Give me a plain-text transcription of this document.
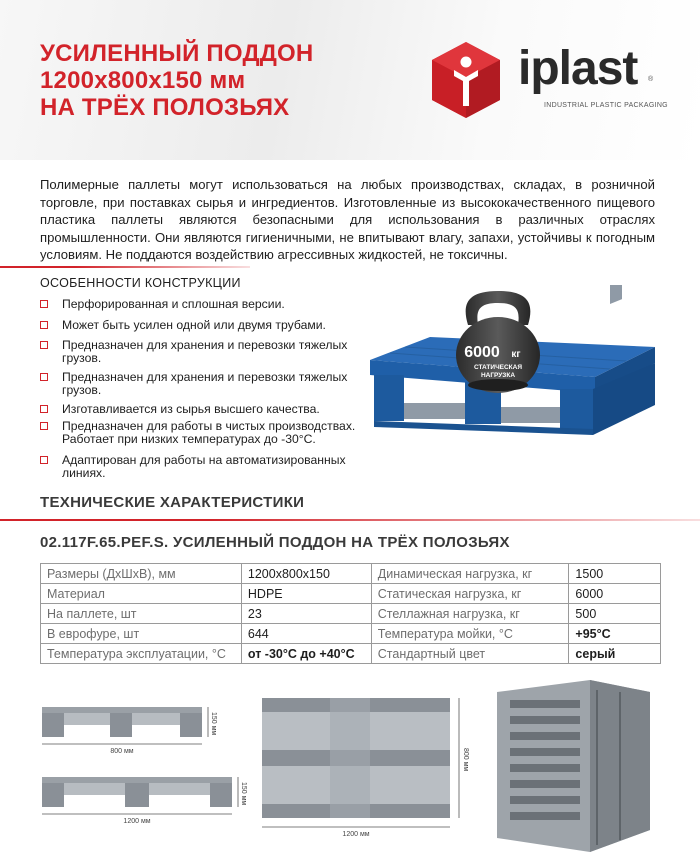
УСИЛЕННЫЙ ПОДДОН
1200x800x150 мм
НА ТРЁХ ПОЛОЗЬЯХ
iplast ®
INDUSTRIAL PLASTIC PACKAGING
Полимерные паллеты могут использоваться на любых производствах, складах, в розничной торговле, при поставках сырья и ингредиентов. Изготовленные из высококачественного пищевого пластика паллеты являются безопасными для использования в различных отраслях промышленности. Они являются гигиеничными, не впитывают влагу, запахи, устойчивы к погодным условиям. Не поддаются воздействию агрессивных жидкостей, не токсичны.
ОСОБЕННОСТИ КОНСТРУКЦИИ
Перфорированная и сплошная версии.
Может быть усилен одной или двумя трубами.
Предназначен для хранения и перевозки тяжелых грузов.
Предназначен для хранения и перевозки тяжелых грузов.
Изготавливается из сырья высшего качества.
Предназначен для работы в чистых производствах. Работает при низких температурах до -30°C.
Адаптирован для работы на автоматизированных линиях.
6000 кг
СТАТИЧЕСКАЯ
НАГРУЗКА
ТЕХНИЧЕСКИЕ ХАРАКТЕРИСТИКИ
02.117F.65.PEF.S. УСИЛЕННЫЙ ПОДДОН НА ТРЁХ ПОЛОЗЬЯХ
Размеры (ДхШхВ), мм	1200x800x150	Динамическая нагрузка, кг	1500
Материал	HDPE	Статическая нагрузка, кг	6000
На паллете, шт	23	Стеллажная нагрузка, кг	500
В еврофуре, шт	644	Температура мойки, °С	+95°C
Температура эксплуатации, °С	от -30°C до +40°C	Стандартный цвет	серый
150 мм
800 мм
150 мм
1200 мм
800 мм
1200 мм
